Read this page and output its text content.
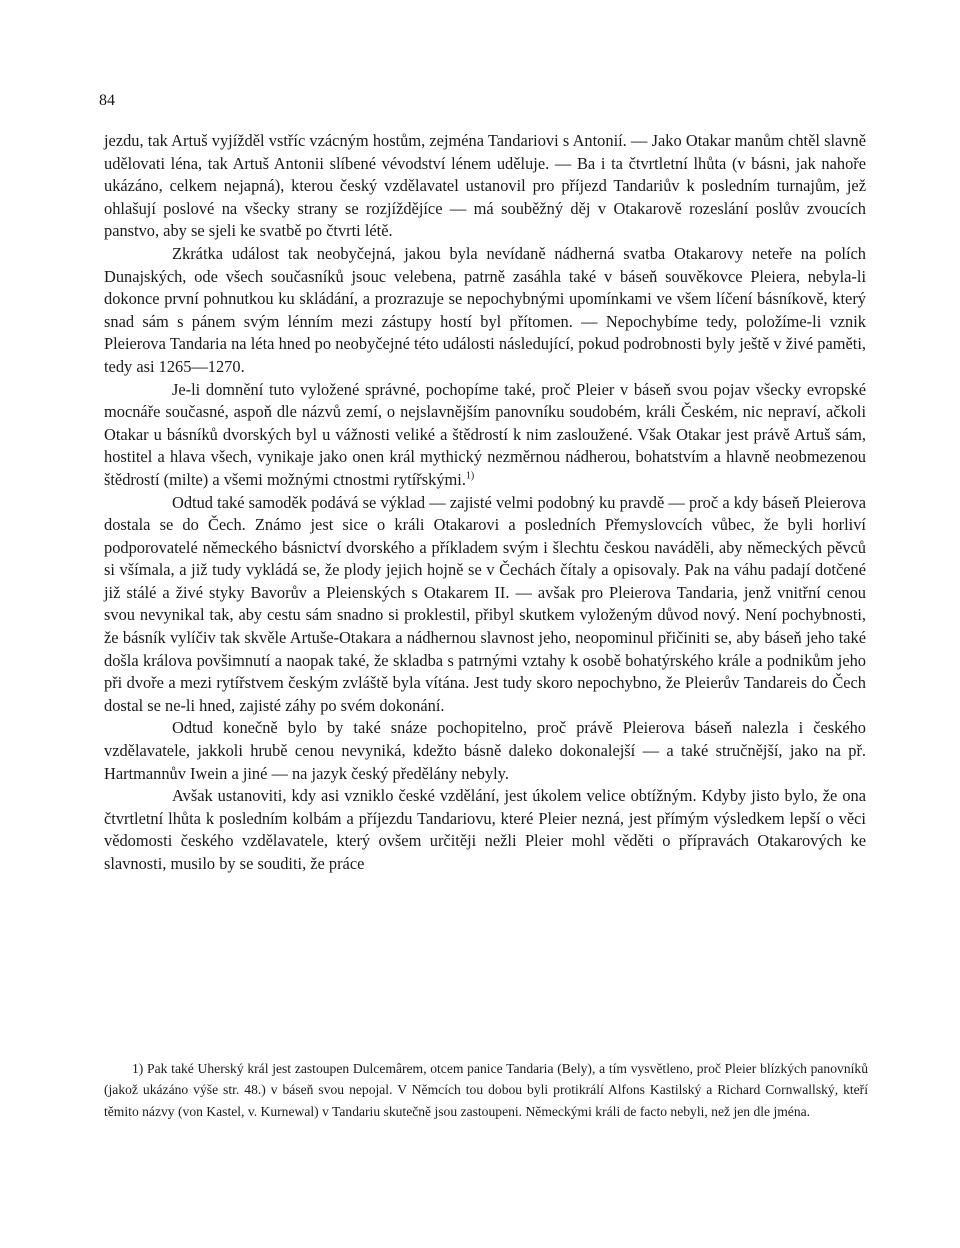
84

jezdu, tak Artuš vyjížděl vstříc vzácným hostům, zejména Tandariovi s Antonií. — Jako Otakar manům chtěl slavně udělovati léna, tak Artuš Antonii slíbené vévodství lénem uděluje. — Ba i ta čtvrtletní lhůta (v básni, jak nahoře ukázáno, celkem nejapná), kterou český vzdělavatel ustanovil pro příjezd Tandariův k posledním turnajům, jež ohlašují poslové na všecky strany se rozjíždějíce — má souběžný děj v Otakarově rozeslání poslův zvoucích panstvo, aby se sjeli ke svatbě po čtvrti létě.

Zkrátka událost tak neobyčejná, jakou byla nevídaně nádherná svatba Otakarovy neteře na polích Dunajských, ode všech současníků jsouc velebena, patrně zasáhla také v báseň souvěkovce Pleiera, nebyla-li dokonce první pohnutkou ku skládání, a prozrazuje se nepochybnými upomínkami ve všem líčení básníkově, který snad sám s pánem svým lénním mezi zástupy hostí byl přítomen. — Nepochybíme tedy, položíme-li vznik Pleierova Tandaria na léta hned po neobyčejné této události následující, pokud podrobnosti byly ještě v živé paměti, tedy asi 1265—1270.

Je-li domnění tuto vyložené správné, pochopíme také, proč Pleier v báseň svou pojav všecky evropské mocnáře současné, aspoň dle názvů zemí, o nejslavnějším panovníku soudobém, králi Českém, nic nepraví, ačkoli Otakar u básníků dvorských byl u vážnosti veliké a štědrostí k nim zasloužené. Však Otakar jest právě Artuš sám, hostitel a hlava všech, vynikaje jako onen král mythický nezměrnou nádherou, bohatstvím a hlavně neobmezenou štědrostí (milte) a všemi možnými ctnostmi rytířskými.$^{1)}$

Odtud také samoděk podává se výklad — zajisté velmi podobný ku pravdě — proč a kdy báseň Pleierova dostala se do Čech. Známo jest sice o králi Otakarovi a posledních Přemyslovcích vůbec, že byli horliví podporovatelé německého básnictví dvorského a příkladem svým i šlechtu českou naváděli, aby německých pěvců si všímala, a již tudy vykládá se, že plody jejich hojně se v Čechách čítaly a opisovaly. Pak na váhu padají dotčené již stálé a živé styky Bavorův a Pleienských s Otakarem II. — avšak pro Pleierova Tandaria, jenž vnitřní cenou svou nevynikal tak, aby cestu sám snadno si proklestil, přibyl skutkem vyloženým důvod nový. Není pochybnosti, že básník vylíčiv tak skvěle Artuše-Otakara a nádhernou slavnost jeho, neopominul přičiniti se, aby báseň jeho také došla králova povšimnutí a naopak také, že skladba s patrnými vztahy k osobě bohatýrského krále a podnikům jeho při dvoře a mezi rytířstvem českým zvláště byla vítána. Jest tudy skoro nepochybno, že Pleierův Tandareis do Čech dostal se ne-li hned, zajisté záhy po svém dokonání.

Odtud konečně bylo by také snáze pochopitelno, proč právě Pleierova báseň nalezla i českého vzdělavatele, jakkoli hrubě cenou nevyniká, kdežto básně daleko dokonalejší — a také stručnější, jako na př. Hartmannův Iwein a jiné — na jazyk český předělány nebyly.

Avšak ustanoviti, kdy asi vzniklo české vzdělání, jest úkolem velice obtížným. Kdyby jisto bylo, že ona čtvrtletní lhůta k posledním kolbám a příjezdu Tandariovu, které Pleier nezná, jest přímým výsledkem lepší o věci vědomosti českého vzdělavatele, který ovšem určitěji nežli Pleier mohl věděti o přípravách Otakarových ke slavnosti, musilo by se souditi, že práce

1) Pak také Uherský král jest zastoupen Dulcemârem, otcem panice Tandaria (Bely), a tím vysvětleno, proč Pleier blízkých panovníků (jakož ukázáno výše str. 48.) v báseň svou nepojal. V Němcích tou dobou byli protikrálí Alfons Kastilský a Richard Cornwallský, kteří těmito názvy (von Kastel, v. Kurnewal) v Tandariu skutečně jsou zastoupeni. Německými králi de facto nebyli, než jen dle jména.
